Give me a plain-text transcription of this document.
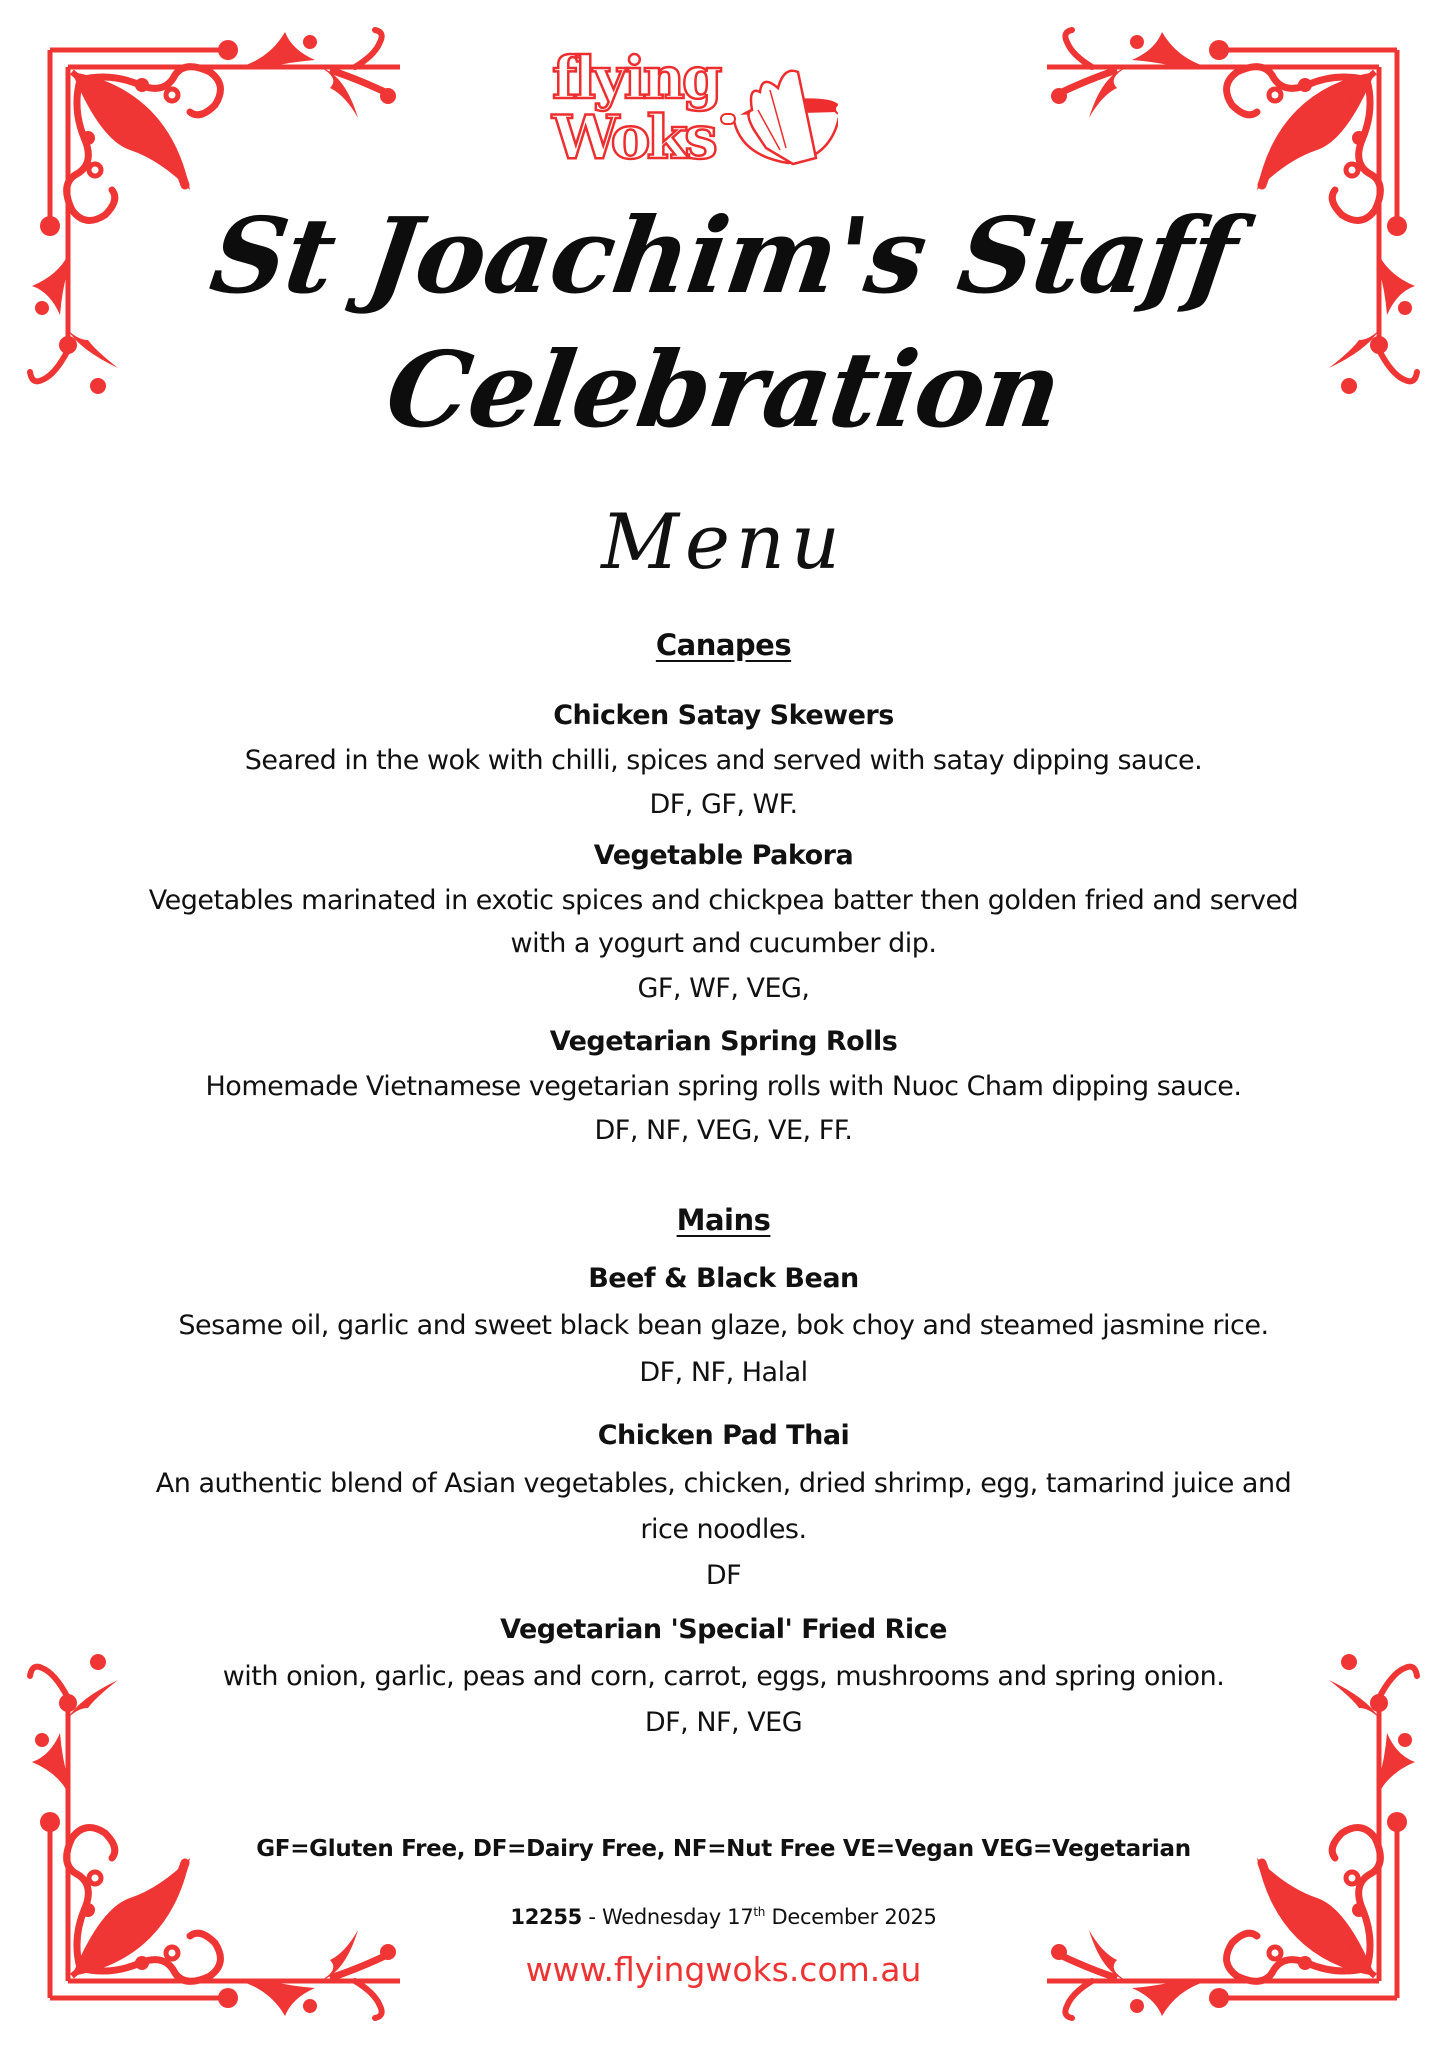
flying
Woks
St Joachim's Staff
Celebration
Menu
Canapes
Chicken Satay Skewers
Seared in the wok with chilli, spices and served with satay dipping sauce.
DF, GF, WF.
Vegetable Pakora
Vegetables marinated in exotic spices and chickpea batter then golden fried and served
with a yogurt and cucumber dip.
GF, WF, VEG,
Vegetarian Spring Rolls
Homemade Vietnamese vegetarian spring rolls with Nuoc Cham dipping sauce.
DF, NF, VEG, VE, FF.
Mains
Beef & Black Bean
Sesame oil, garlic and sweet black bean glaze, bok choy and steamed jasmine rice.
DF, NF, Halal
Chicken Pad Thai
An authentic blend of Asian vegetables, chicken, dried shrimp, egg, tamarind juice and
rice noodles.
DF
Vegetarian 'Special' Fried Rice
with onion, garlic, peas and corn, carrot, eggs, mushrooms and spring onion.
DF, NF, VEG
GF=Gluten Free, DF=Dairy Free, NF=Nut Free VE=Vegan VEG=Vegetarian
12255 - Wednesday 17th December 2025
www.flyingwoks.com.au
